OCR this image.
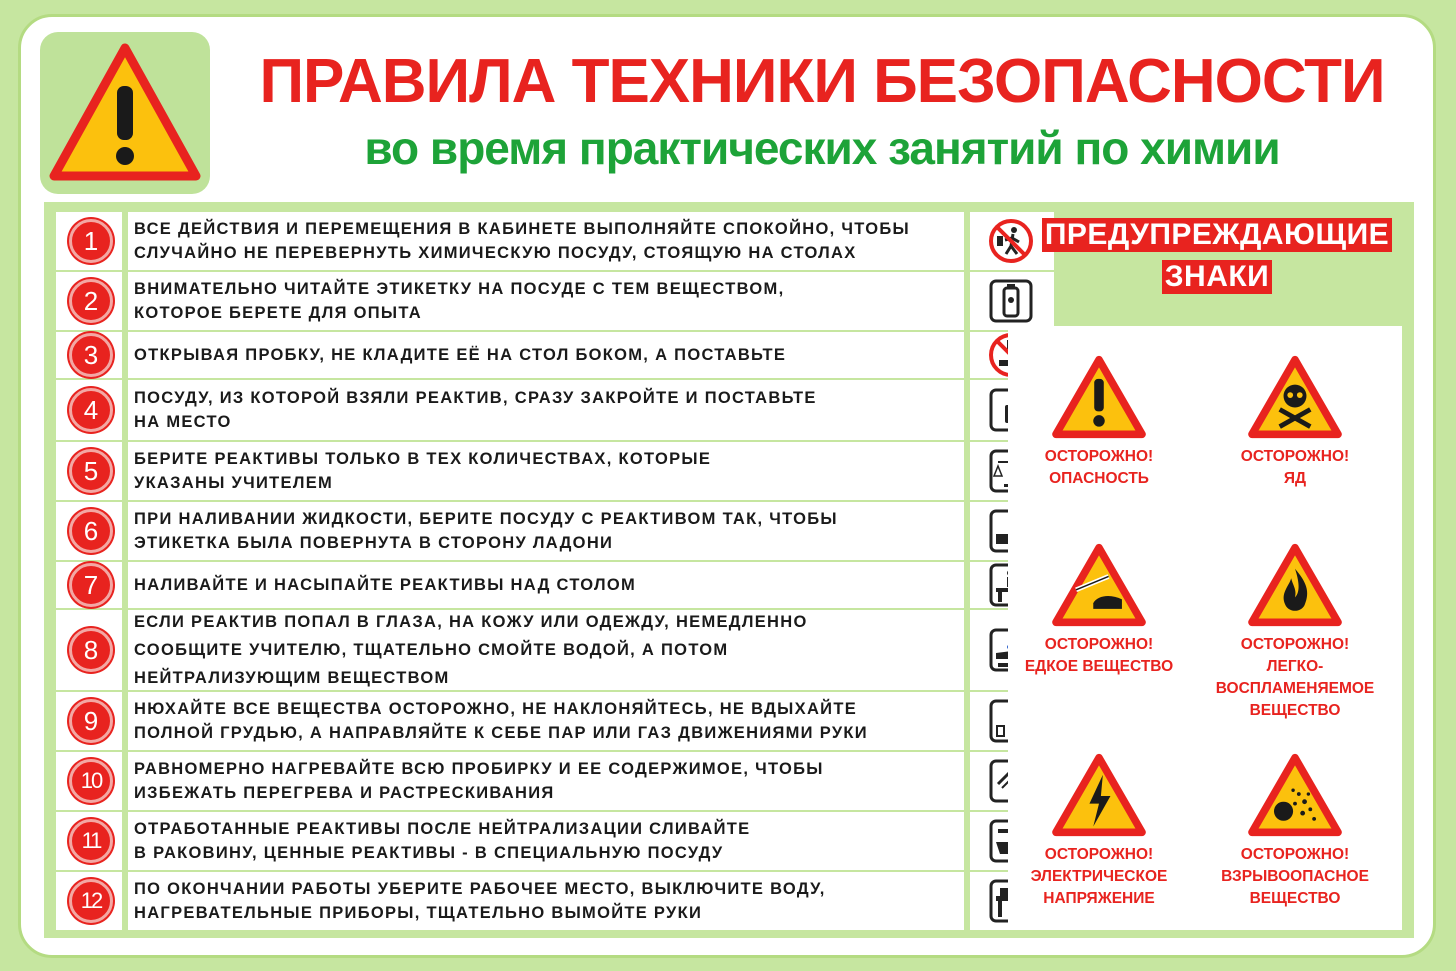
ПРАВИЛА ТЕХНИКИ БЕЗОПАСНОСТИ
во время практических занятий по химии
1	ВСЕ ДЕЙСТВИЯ И ПЕРЕМЕЩЕНИЯ В КАБИНЕТЕ ВЫПОЛНЯЙТЕ СПОКОЙНО, ЧТОБЫ
СЛУЧАЙНО НЕ ПЕРЕВЕРНУТЬ ХИМИЧЕСКУЮ ПОСУДУ, СТОЯЩУЮ НА СТОЛАХ
2	ВНИМАТЕЛЬНО ЧИТАЙТЕ ЭТИКЕТКУ НА ПОСУДЕ С ТЕМ ВЕЩЕСТВОМ,
КОТОРОЕ БЕРЕТЕ ДЛЯ ОПЫТА
3	ОТКРЫВАЯ ПРОБКУ, НЕ КЛАДИТЕ ЕЁ НА СТОЛ БОКОМ, А ПОСТАВЬТЕ
4	ПОСУДУ, ИЗ КОТОРОЙ ВЗЯЛИ РЕАКТИВ, СРАЗУ ЗАКРОЙТЕ И ПОСТАВЬТЕ
НА МЕСТО
5	БЕРИТЕ РЕАКТИВЫ ТОЛЬКО В ТЕХ КОЛИЧЕСТВАХ, КОТОРЫЕ
УКАЗАНЫ УЧИТЕЛЕМ
6	ПРИ НАЛИВАНИИ ЖИДКОСТИ, БЕРИТЕ ПОСУДУ С РЕАКТИВОМ ТАК, ЧТОБЫ
ЭТИКЕТКА БЫЛА ПОВЕРНУТА В СТОРОНУ ЛАДОНИ
7	НАЛИВАЙТЕ И НАСЫПАЙТЕ РЕАКТИВЫ НАД СТОЛОМ
8
ЕСЛИ РЕАКТИВ ПОПАЛ В ГЛАЗА, НА КОЖУ ИЛИ ОДЕЖДУ, НЕМЕДЛЕННО
СООБЩИТЕ УЧИТЕЛЮ, ТЩАТЕЛЬНО СМОЙТЕ ВОДОЙ, А ПОТОМ
НЕЙТРАЛИЗУЮЩИМ ВЕЩЕСТВОМ
9	НЮХАЙТЕ ВСЕ ВЕЩЕСТВА ОСТОРОЖНО, НЕ НАКЛОНЯЙТЕСЬ, НЕ ВДЫХАЙТЕ
ПОЛНОЙ ГРУДЬЮ, А НАПРАВЛЯЙТЕ К СЕБЕ ПАР ИЛИ ГАЗ ДВИЖЕНИЯМИ РУКИ
10	РАВНОМЕРНО НАГРЕВАЙТЕ ВСЮ ПРОБИРКУ И ЕЕ СОДЕРЖИМОЕ, ЧТОБЫ
ИЗБЕЖАТЬ ПЕРЕГРЕВА И РАСТРЕСКИВАНИЯ
11	ОТРАБОТАННЫЕ РЕАКТИВЫ ПОСЛЕ НЕЙТРАЛИЗАЦИИ СЛИВАЙТЕ
В РАКОВИНУ, ЦЕННЫЕ РЕАКТИВЫ - В СПЕЦИАЛЬНУЮ ПОСУДУ
12	ПО ОКОНЧАНИИ РАБОТЫ УБЕРИТЕ РАБОЧЕЕ МЕСТО, ВЫКЛЮЧИТЕ ВОДУ,
НАГРЕВАТЕЛЬНЫЕ ПРИБОРЫ, ТЩАТЕЛЬНО ВЫМОЙТЕ РУКИ
ПРЕДУПРЕЖДАЮЩИЕ
ЗНАКИ
ОСТОРОЖНО!
ОПАСНОСТЬ
ОСТОРОЖНО!
ЯД
ОСТОРОЖНО!
ЕДКОЕ ВЕЩЕСТВО
ОСТОРОЖНО!
ЛЕГКО-
ВОСПЛАМЕНЯЕМОЕ
ВЕЩЕСТВО
ОСТОРОЖНО!
ЭЛЕКТРИЧЕСКОЕ
НАПРЯЖЕНИЕ
ОСТОРОЖНО!
ВЗРЫВООПАСНОЕ
ВЕЩЕСТВО
